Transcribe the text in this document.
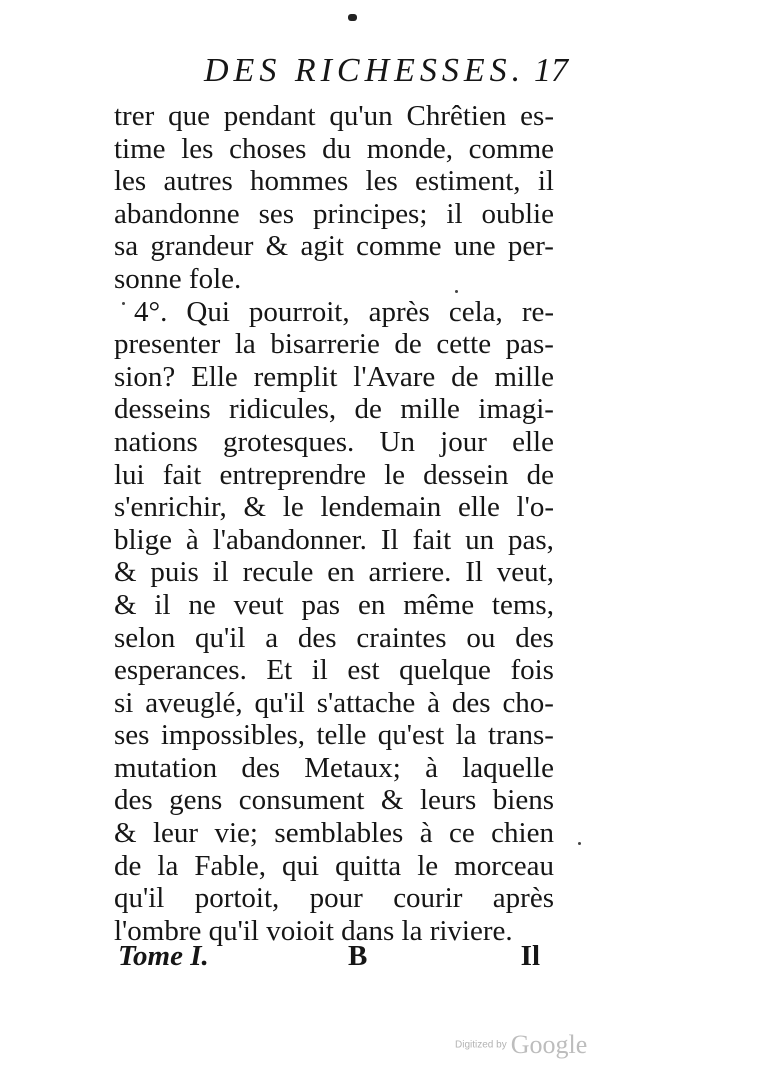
DES RICHESSES. 17
trer que pendant qu'un Chrêtien es-
time les choses du monde, comme
les autres hommes les estiment, il
abandonne ses principes; il oublie
sa grandeur & agit comme une per-
sonne fole.
4°. Qui pourroit, après cela, re-
presenter la bisarrerie de cette pas-
sion? Elle remplit l'Avare de mille
desseins ridicules, de mille imagi-
nations grotesques. Un jour elle
lui fait entreprendre le dessein de
s'enrichir, & le lendemain elle l'o-
blige à l'abandonner. Il fait un pas,
& puis il recule en arriere. Il veut,
& il ne veut pas en même tems,
selon qu'il a des craintes ou des
esperances. Et il est quelque fois
si aveuglé, qu'il s'attache à des cho-
ses impossibles, telle qu'est la trans-
mutation des Metaux; à laquelle
des gens consument & leurs biens
& leur vie; semblables à ce chien
de la Fable, qui quitta le morceau
qu'il portoit, pour courir après
l'ombre qu'il voioit dans la riviere.
Tome I.	B	Il
Digitized by Google
